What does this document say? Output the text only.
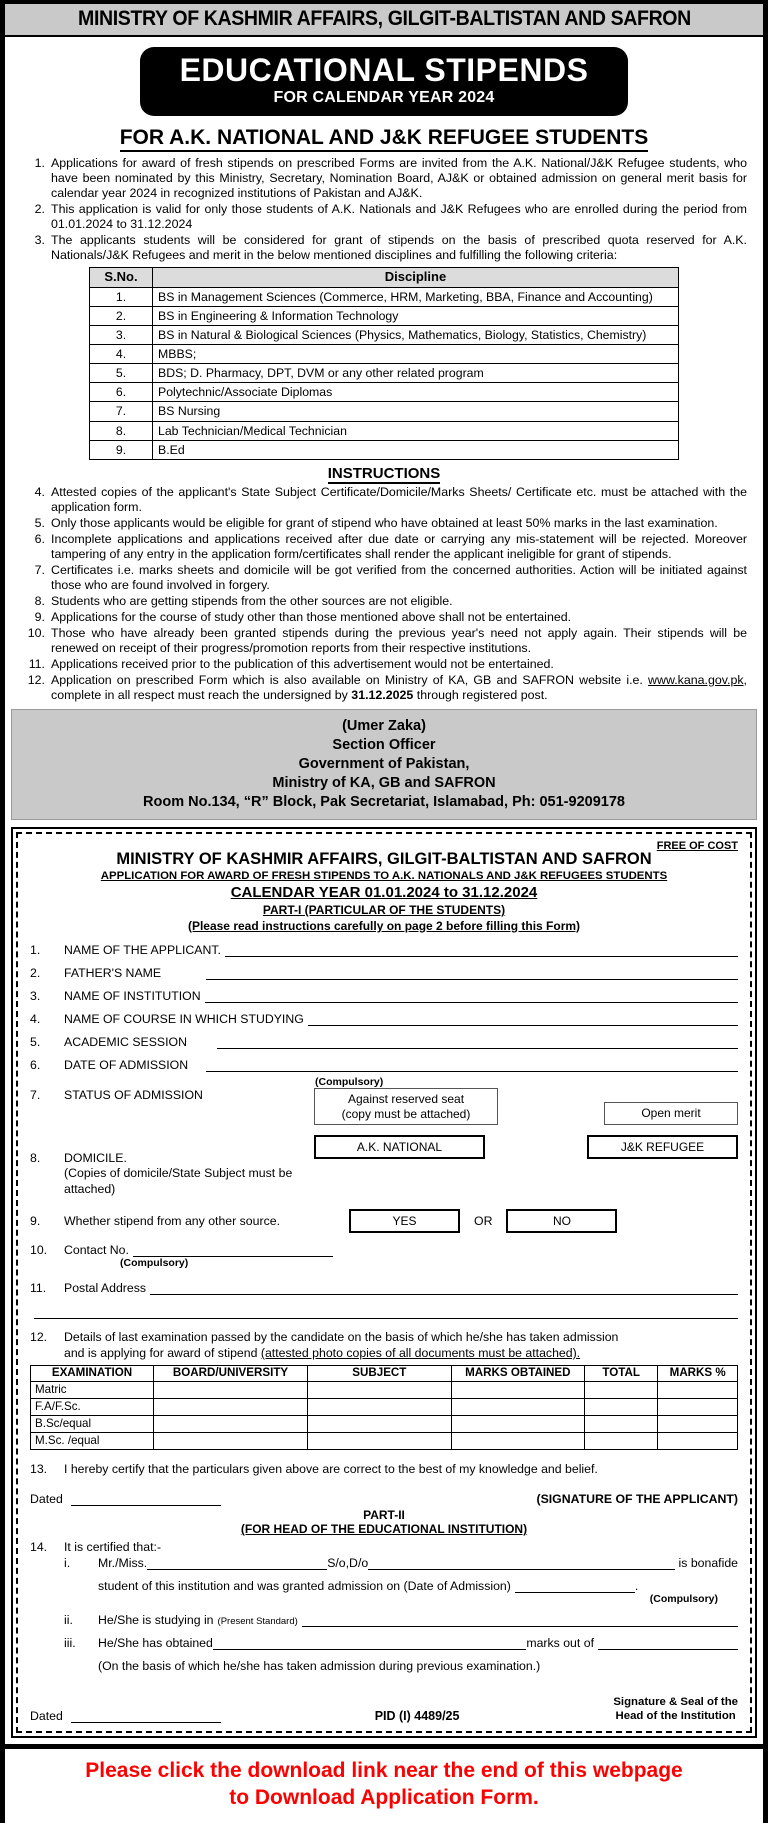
MINISTRY OF KASHMIR AFFAIRS, GILGIT-BALTISTAN AND SAFRON
EDUCATIONAL STIPENDS
FOR CALENDAR YEAR 2024
FOR A.K. NATIONAL AND J&K REFUGEE STUDENTS
1. Applications for award of fresh stipends on prescribed Forms are invited from the A.K. National/J&K Refugee students, who have been nominated by this Ministry, Secretary, Nomination Board, AJ&K or obtained admission on general merit basis for calendar year 2024 in recognized institutions of Pakistan and AJ&K.
2. This application is valid for only those students of A.K. Nationals and J&K Refugees who are enrolled during the period from 01.01.2024 to 31.12.2024
3. The applicants students will be considered for grant of stipends on the basis of prescribed quota reserved for A.K. Nationals/J&K Refugees and merit in the below mentioned disciplines and fulfilling the following criteria:
S.No.	Discipline
1.	BS in Management Sciences (Commerce, HRM, Marketing, BBA, Finance and Accounting)
2.	BS in Engineering & Information Technology
3.	BS in Natural & Biological Sciences (Physics, Mathematics, Biology, Statistics, Chemistry)
4.	MBBS;
5.	BDS; D. Pharmacy, DPT, DVM or any other related program
6.	Polytechnic/Associate Diplomas
7.	BS Nursing
8.	Lab Technician/Medical Technician
9.	B.Ed
INSTRUCTIONS
4. Attested copies of the applicant's State Subject Certificate/Domicile/Marks Sheets/ Certificate etc. must be attached with the application form.
5. Only those applicants would be eligible for grant of stipend who have obtained at least 50% marks in the last examination.
6. Incomplete applications and applications received after due date or carrying any mis-statement will be rejected. Moreover tampering of any entry in the application form/certificates shall render the applicant ineligible for grant of stipends.
7. Certificates i.e. marks sheets and domicile will be got verified from the concerned authorities. Action will be initiated against those who are found involved in forgery.
8. Students who are getting stipends from the other sources are not eligible.
9. Applications for the course of study other than those mentioned above shall not be entertained.
10. Those who have already been granted stipends during the previous year's need not apply again. Their stipends will be renewed on receipt of their progress/promotion reports from their respective institutions.
11. Applications received prior to the publication of this advertisement would not be entertained.
12. Application on prescribed Form which is also available on Ministry of KA, GB and SAFRON website i.e. www.kana.gov.pk, complete in all respect must reach the undersigned by 31.12.2025 through registered post.
(Umer Zaka)
Section Officer
Government of Pakistan,
Ministry of KA, GB and SAFRON
Room No.134, “R” Block, Pak Secretariat, Islamabad, Ph: 051-9209178
FREE OF COST
MINISTRY OF KASHMIR AFFAIRS, GILGIT-BALTISTAN AND SAFRON
APPLICATION FOR AWARD OF FRESH STIPENDS TO A.K. NATIONALS AND J&K REFUGEES STUDENTS
CALENDAR YEAR 01.01.2024 to 31.12.2024
PART-I (PARTICULAR OF THE STUDENTS)
(Please read instructions carefully on page 2 before filling this Form)
1.	NAME OF THE APPLICANT.
2.	FATHER'S NAME
3.	NAME OF INSTITUTION
4.	NAME OF COURSE IN WHICH STUDYING
5.	ACADEMIC SESSION
6.	DATE OF ADMISSION
(Compulsory)
7.	STATUS OF ADMISSION	Against reserved seat
(copy must be attached)	Open merit
8.	DOMICILE.
(Copies of domicile/State Subject must be
attached)
A.K. NATIONAL	J&K REFUGEE
9.	Whether stipend from any other source.	YES	OR	NO
10.	Contact No.
(Compulsory)
11.	Postal Address
12.	Details of last examination passed by the candidate on the basis of which he/she has taken admission
and is applying for award of stipend (attested photo copies of all documents must be attached).
EXAMINATION	BOARD/UNIVERSITY	SUBJECT	MARKS OBTAINED	TOTAL	MARKS %
Matric					
F.A/F.Sc.					
B.Sc/equal					
M.Sc. /equal					
13.	I hereby certify that the particulars given above are correct to the best of my knowledge and belief.
Dated	(SIGNATURE OF THE APPLICANT)
PART-II
(FOR HEAD OF THE EDUCATIONAL INSTITUTION)
14.	It is certified that:-
i.	Mr./Miss.	S/o,D/o	is bonafide
student of this institution and was granted admission on (Date of Admission)	.
(Compulsory)
ii.	He/She is studying in (Present Standard)
iii.	He/She has obtained	marks out of
(On the basis of which he/she has taken admission during previous examination.)
Dated	PID (I) 4489/25
Signature & Seal of the
Head of the Institution
Please click the download link near the end of this webpage
to Download Application Form.
